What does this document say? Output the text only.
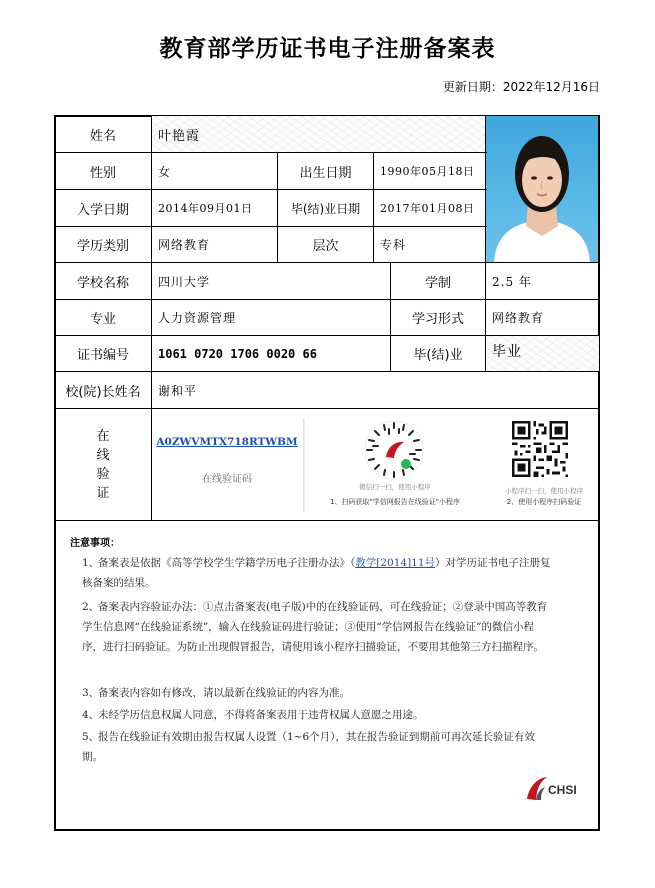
教育部学历证书电子注册备案表
更新日期：2022年12月16日
姓名	叶艳霞
性别	女	出生日期	1990年05月18日
入学日期	2014年09月01日	毕(结)业日期	2017年01月08日
学历类别	网络教育	层次	专科
学校名称	四川大学	学制	2.5 年
专业	人力资源管理	学习形式	网络教育
证书编号	1061 0720 1706 0020 66	毕(结)业	毕业
校(院)长姓名	谢和平
在
线
验
证
A0ZWVMTX718RTWBM
在线验证码
微信扫一扫，使用小程序
1、扫码获取"学信网报告在线验证"小程序
小程序扫一扫，使用小程序
2、使用小程序扫码验证
注意事项：
1、备案表是依据《高等学校学生学籍学历电子注册办法》（教学[2014]11号）对学历证书电子注册复核备案的结果。
2、备案表内容验证办法：①点击备案表(电子版)中的在线验证码，可在线验证；②登录中国高等教育学生信息网“在线验证系统”，输入在线验证码进行验证；③使用“学信网报告在线验证”的微信小程序，进行扫码验证。为防止出现假冒报告，请使用该小程序扫描验证，不要用其他第三方扫描程序。
3、备案表内容如有修改，请以最新在线验证的内容为准。
4、未经学历信息权属人同意，不得将备案表用于违背权属人意愿之用途。
5、报告在线验证有效期由报告权属人设置（1~6个月），其在报告验证到期前可再次延长验证有效期。
CHSI
